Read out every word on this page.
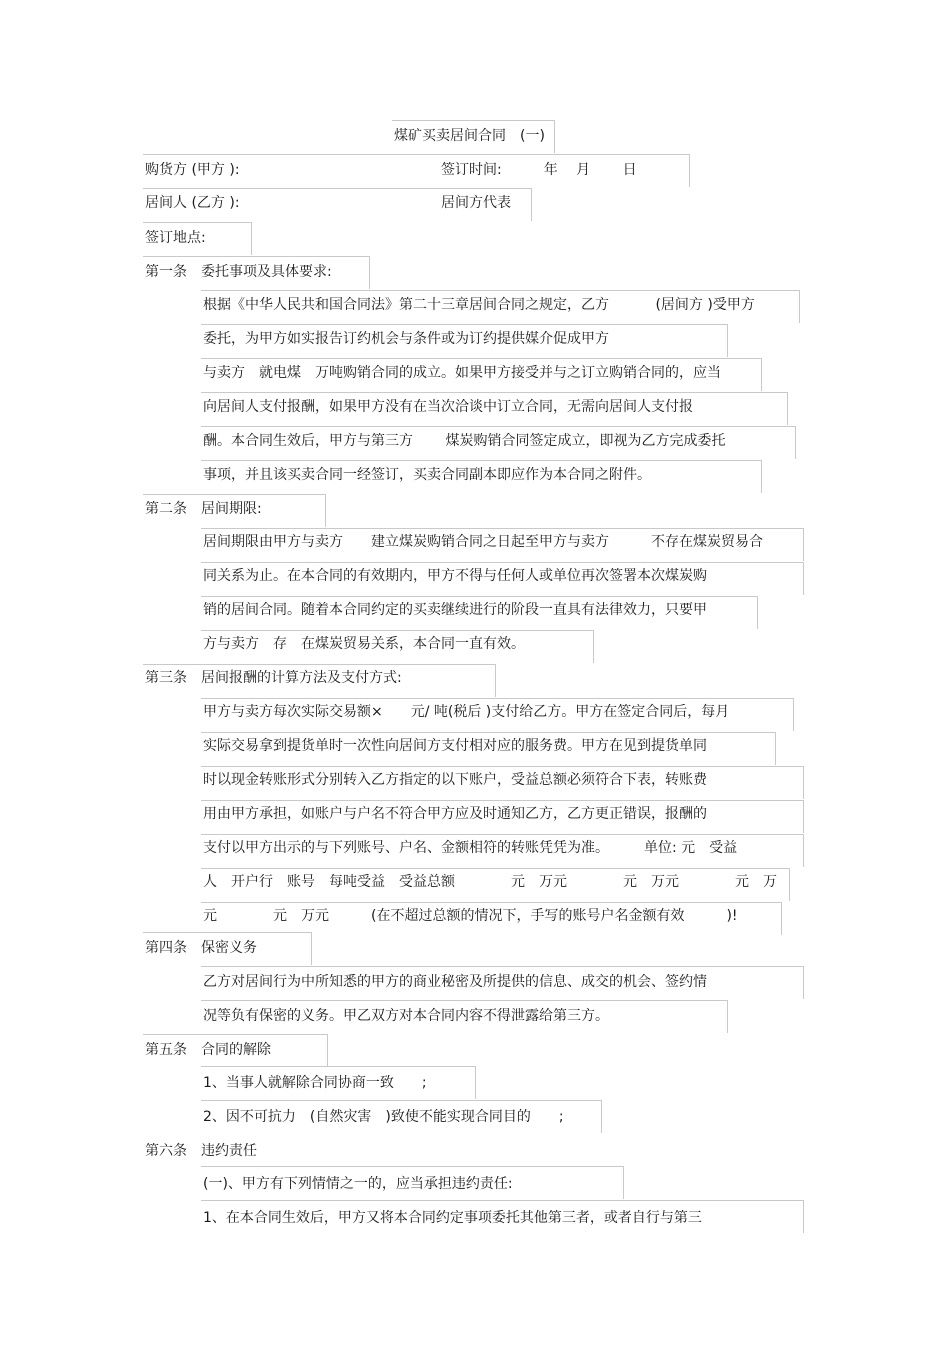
煤矿买卖居间合同　(一)
购货方 (甲方 ):	签订时间:　　　年　 月　　 日
居间人 (乙方 ):	居间方代表
签订地点:
第一条　委托事项及具体要求:
根据《中华人民共和国合同法》第二十三章居间合同之规定，乙方　　　 (居间方 )受甲方
委托，为甲方如实报告订约机会与条件或为订约提供媒介促成甲方
与卖方　就电煤　万吨购销合同的成立。如果甲方接受并与之订立购销合同的，应当
向居间人支付报酬，如果甲方没有在当次洽谈中订立合同，无需向居间人支付报
酬。本合同生效后，甲方与第三方　　 煤炭购销合同签定成立，即视为乙方完成委托
事项，并且该买卖合同一经签订，买卖合同副本即应作为本合同之附件。
第二条　居间期限:
居间期限由甲方与卖方　　建立煤炭购销合同之日起至甲方与卖方　　　不存在煤炭贸易合
同关系为止。在本合同的有效期内，甲方不得与任何人或单位再次签署本次煤炭购
销的居间合同。随着本合同约定的买卖继续进行的阶段一直具有法律效力，只要甲
方与卖方　存　在煤炭贸易关系，本合同一直有效。
第三条　居间报酬的计算方法及支付方式:
甲方与卖方每次实际交易额×　　元/ 吨(税后 )支付给乙方。甲方在签定合同后，每月
实际交易拿到提货单时一次性向居间方支付相对应的服务费。甲方在见到提货单同
时以现金转账形式分别转入乙方指定的以下账户，受益总额必须符合下表，转账费
用由甲方承担，如账户与户名不符合甲方应及时通知乙方，乙方更正错误，报酬的
支付以甲方出示的与下列账号、户名、金额相符的转账凭凭为准。　　　单位: 元　受益
人　开户行　账号　每吨受益　受益总额　　　　元　万元　　　　元　万元　　　　元　万
元　　　　元　万元　　　(在不超过总额的情况下，手写的账号户名金额有效　　　)!
第四条　保密义务
乙方对居间行为中所知悉的甲方的商业秘密及所提供的信息、成交的机会、签约情
况等负有保密的义务。甲乙双方对本合同内容不得泄露给第三方。
第五条　合同的解除
1、当事人就解除合同协商一致　　;
2、因不可抗力　(自然灾害　)致使不能实现合同目的　　;
第六条　违约责任
(一)、甲方有下列情情之一的，应当承担违约责任:
1、在本合同生效后，甲方又将本合同约定事项委托其他第三者，或者自行与第三
